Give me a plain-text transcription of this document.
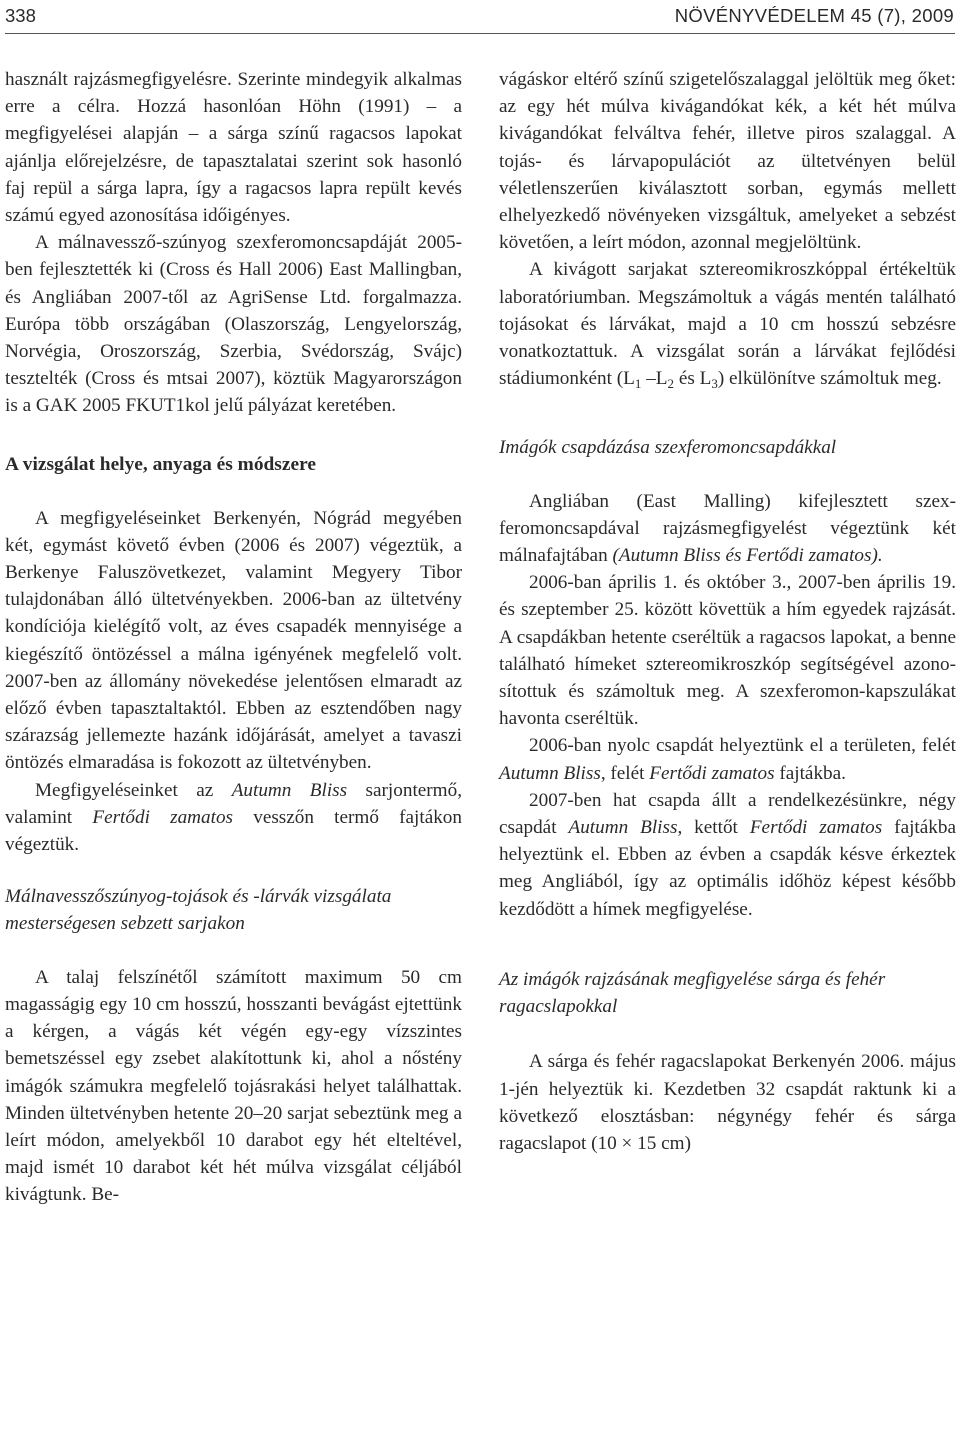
338	NÖVÉNYVÉDELEM 45 (7), 2009

használt rajzásmegfigyelésre. Szerinte mindegyik alkalmas erre a célra. Hozzá hasonlóan Höhn (1991) – a megfigyelései alapján – a sárga színű ragacsos lapokat ajánlja előrejelzésre, de tapasztalatai szerint sok hasonló faj repül a sárga lapra, így a ragacsos lapra repült kevés számú egyed azonosítása időigényes.

A málnavessző-szúnyog szexferomoncsapdáját 2005-ben fejlesztették ki (Cross és Hall 2006) East Mallingban, és Angliában 2007-től az AgriSense Ltd. forgalmazza. Európa több országában (Olaszország, Lengyelország, Norvégia, Oroszország, Szerbia, Svédország, Svájc) tesztelték (Cross és mtsai 2007), köztük Magyarországon is a GAK 2005 FKUT1kol jelű pályázat keretében.

A vizsgálat helye, anyaga és módszere

A megfigyeléseinket Berkenyén, Nógrád megyében két, egymást követő évben (2006 és 2007) végeztük, a Berkenye Faluszövetkezet, valamint Megyery Tibor tulajdonában álló ültetvényekben. 2006-ban az ültetvény kondíciója kielégítő volt, az éves csapadék mennyisége a kiegészítő öntözéssel a málna igényének megfelelő volt. 2007-ben az állomány növekedése jelentősen elmaradt az előző évben tapasztaltaktól. Ebben az esztendőben nagy szárazság jellemezte hazánk időjárását, amelyet a tavaszi öntözés elmaradása is fokozott az ültetvényben.

Megfigyeléseinket az Autumn Bliss sarjontermő, valamint Fertődi zamatos vesszőn termő fajtákon végeztük.

Málnavesszőszúnyog-tojások és -lárvák vizsgálata mesterségesen sebzett sarjakon

A talaj felszínétől számított maximum 50 cm magasságig egy 10 cm hosszú, hosszanti bevágást ejtettünk a kérgen, a vágás két végén egy-egy vízszintes bemetszéssel egy zsebet alakítottunk ki, ahol a nőstény imágók számukra megfelelő tojásrakási helyet találhattak. Minden ültetvényben hetente 20–20 sarjat sebeztünk meg a leírt módon, amelyekből 10 darabot egy hét elteltével, majd ismét 10 darabot két hét múlva vizsgálat céljából kivágtunk. Be-

vágáskor eltérő színű szigetelőszalaggal jelöltük meg őket: az egy hét múlva kivágandókat kék, a két hét múlva kivágandókat felváltva fehér, illetve piros szalaggal. A tojás- és lárvapopulációt az ültetvényen belül véletlenszerűen kiválasztott sorban, egymás mellett elhelyezkedő növényeken vizsgáltuk, amelyeket a sebzést követően, a leírt módon, azonnal megjelöltünk.

A kivágott sarjakat sztereomikroszkóppal értékeltük laboratóriumban. Megszámoltuk a vágás mentén található tojásokat és lárvákat, majd a 10 cm hosszú sebzésre vonatkoztattuk. A vizsgálat során a lárvákat fejlődési stádiumonként ($L_1$ $-L_2$ és $L_3$) elkülönítve számoltuk meg.

Imágók csapdázása szexferomoncsapdákkal

Angliában (East Malling) kifejlesztett szexferomoncsapdával rajzásmegfigyelést végeztünk két málnafajtában (Autumn Bliss és Fertődi zamatos).

2006-ban április 1. és október 3., 2007-ben április 19. és szeptember 25. között követtük a hím egyedek rajzását. A csapdákban hetente cseréltük a ragacsos lapokat, a benne található hímeket sztereomikroszkóp segítségével azonosítottuk és számoltuk meg. A szexferomon-kapszulákat havonta cseréltük.

2006-ban nyolc csapdát helyeztünk el a területen, felét Autumn Bliss, felét Fertődi zamatos fajtákba.

2007-ben hat csapda állt a rendelkezésünkre, négy csapdát Autumn Bliss, kettőt Fertődi zamatos fajtákba helyeztünk el. Ebben az évben a csapdák késve érkeztek meg Angliából, így az optimális időhöz képest később kezdődött a hímek megfigyelése.

Az imágók rajzásának megfigyelése sárga és fehér ragacslapokkal

A sárga és fehér ragacslapokat Berkenyén 2006. május 1-jén helyeztük ki. Kezdetben 32 csapdát raktunk ki a következő elosztásban: négynégy fehér és sárga ragacslapot (10 × 15 cm)
